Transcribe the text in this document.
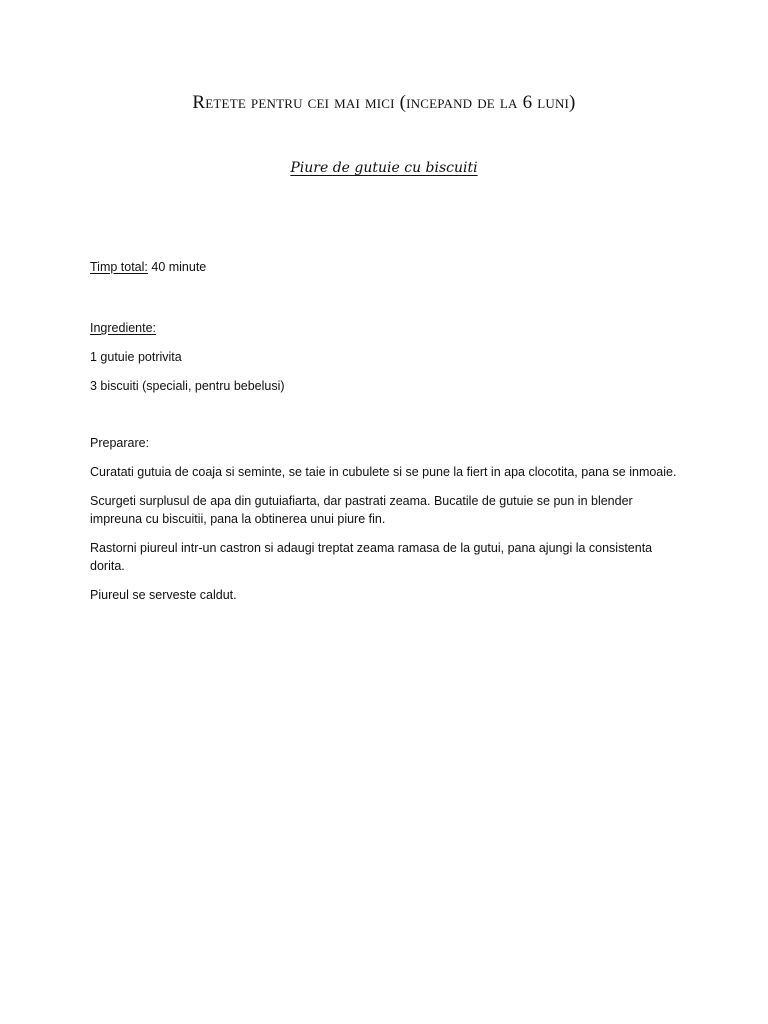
Retete pentru cei mai mici (incepand de la 6 luni)
Piure de gutuie cu biscuiti

Timp total: 40 minute

Ingrediente:

1 gutuie potrivita

3 biscuiti (speciali, pentru bebelusi)

Preparare:

Curatati gutuia de coaja si seminte, se taie in cubulete si se pune la fiert in apa clocotita, pana se inmoaie.

Scurgeti surplusul de apa din gutuiafiarta, dar pastrati zeama. Bucatile de gutuie se pun in blender impreuna cu biscuitii, pana la obtinerea unui piure fin.

Rastorni piureul intr-un castron si adaugi treptat zeama ramasa de la gutui, pana ajungi la consistenta dorita.

Piureul se serveste caldut.
